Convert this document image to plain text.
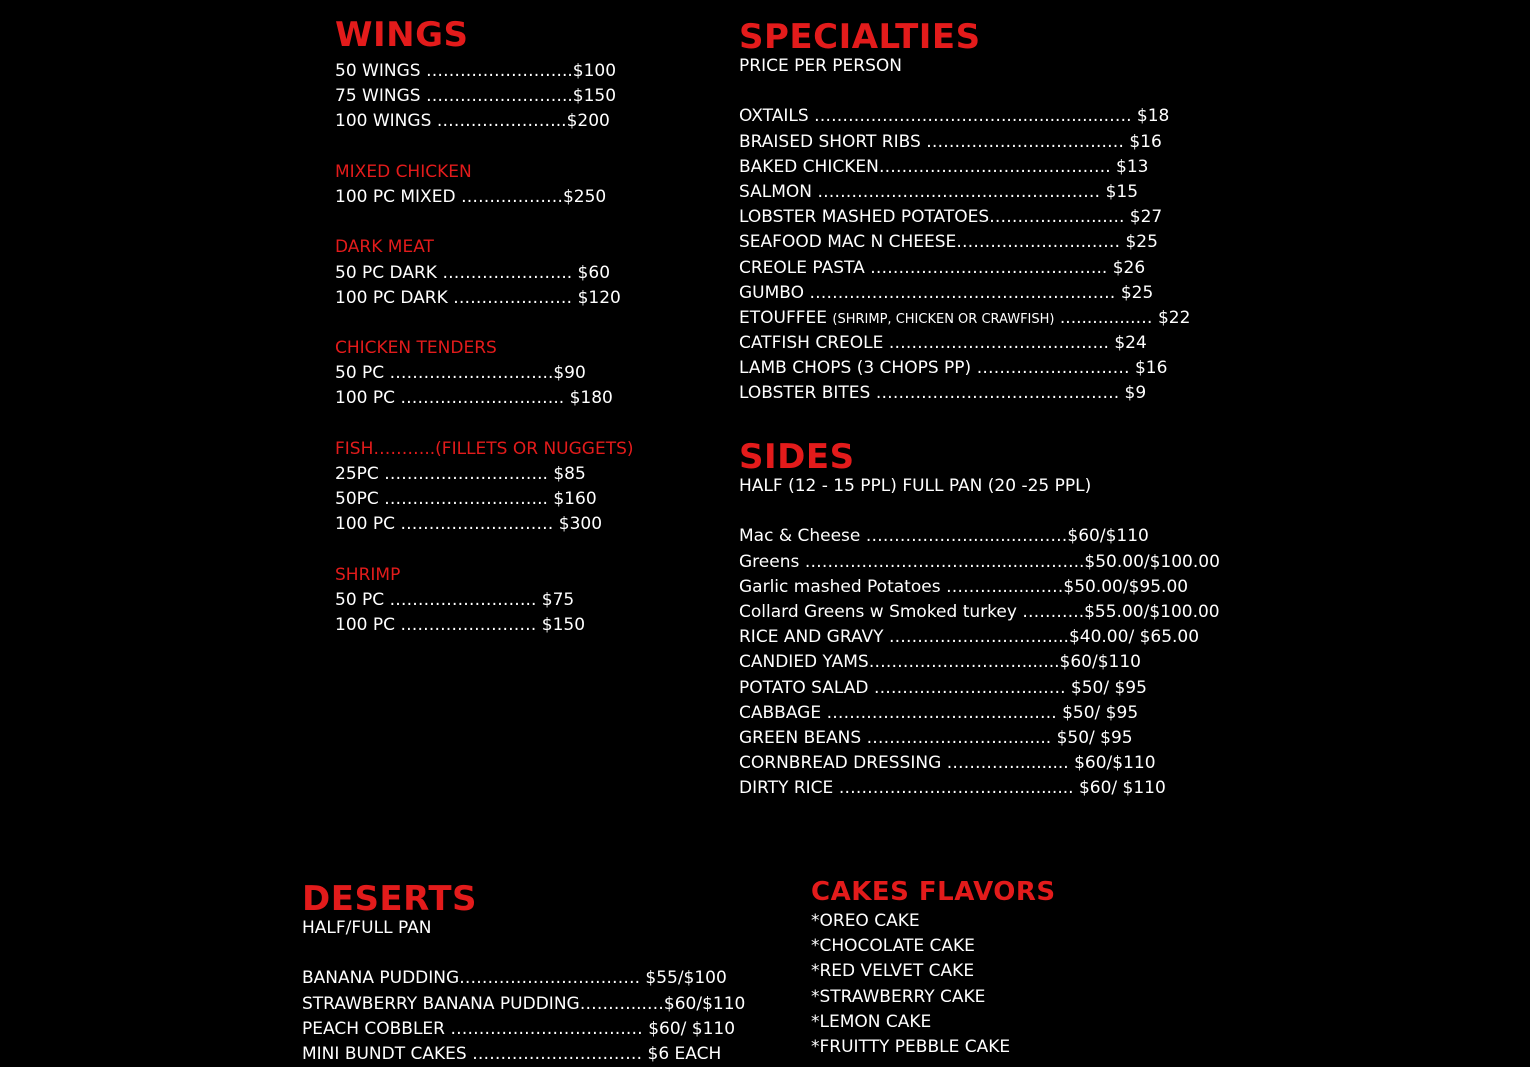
WINGS
50 WINGS ……………………..$100
75 WINGS ……………………..$150
100 WINGS …………………..$200
MIXED CHICKEN
100 PC MIXED ………………$250
DARK MEAT
50 PC DARK ………………….. $60
100 PC DARK ………………… $120
CHICKEN TENDERS
50 PC ………………………..$90
100 PC ……………………….. $180
FISH………..(FILLETS OR NUGGETS)
25PC ……………………….. $85
50PC ……………………….. $160
100 PC ……………………… $300
SHRIMP
50 PC …………………….. $75
100 PC …………………… $150
SPECIALTIES
PRICE PER PERSON
OXTAILS ……………………………....................…. $18
BRAISED SHORT RIBS ………………….……….… $16
BAKED CHICKEN…………………….……………. $13
SALMON …………………………..……………… $15
LOBSTER MASHED POTATOES……………….….. $27
SEAFOOD MAC N CHEESE……………….….…… $25
CREOLE PASTA ……………………….………….. $26
GUMBO ……………………………………………… $25
ETOUFFEE (SHRIMP, CHICKEN OR CRAWFISH) ..............… $22
CATFISH CREOLE ……………………….……….. $24
LAMB CHOPS (3 CHOPS PP) ……………………… $16
LOBSTER BITES ……………………………………. $9
SIDES
HALF (12 - 15 PPL) FULL PAN (20 -25 PPL)
Mac & Cheese ……………….........………$60/$110
Greens …………………………...........……...$50.00/$100.00
Garlic mashed Potatoes ………......……$50.00/$95.00
Collard Greens w Smoked turkey ………..$55.00/$100.00
RICE AND GRAVY ……………………….....$40.00/ $65.00
CANDIED YAMS……………………….......$60/$110
POTATO SALAD ………………………...…. $50/ $95
CABBAGE ………………………….......…. $50/ $95
GREEN BEANS ……………………......... $50/ $95
CORNBREAD DRESSING ………….......... $60/$110
DIRTY RICE ……………….…………........... $60/ $110
DESERTS
HALF/FULL PAN
BANANA PUDDING…………………….……. $55/$100
STRAWBERRY BANANA PUDDING………...…$60/$110
PEACH COBBLER ………………………….… $60/ $110
MINI BUNDT CAKES ………………………… $6 EACH
CAKES FLAVORS
*OREO CAKE
*CHOCOLATE CAKE
*RED VELVET CAKE
*STRAWBERRY CAKE
*LEMON CAKE
*FRUITTY PEBBLE CAKE
